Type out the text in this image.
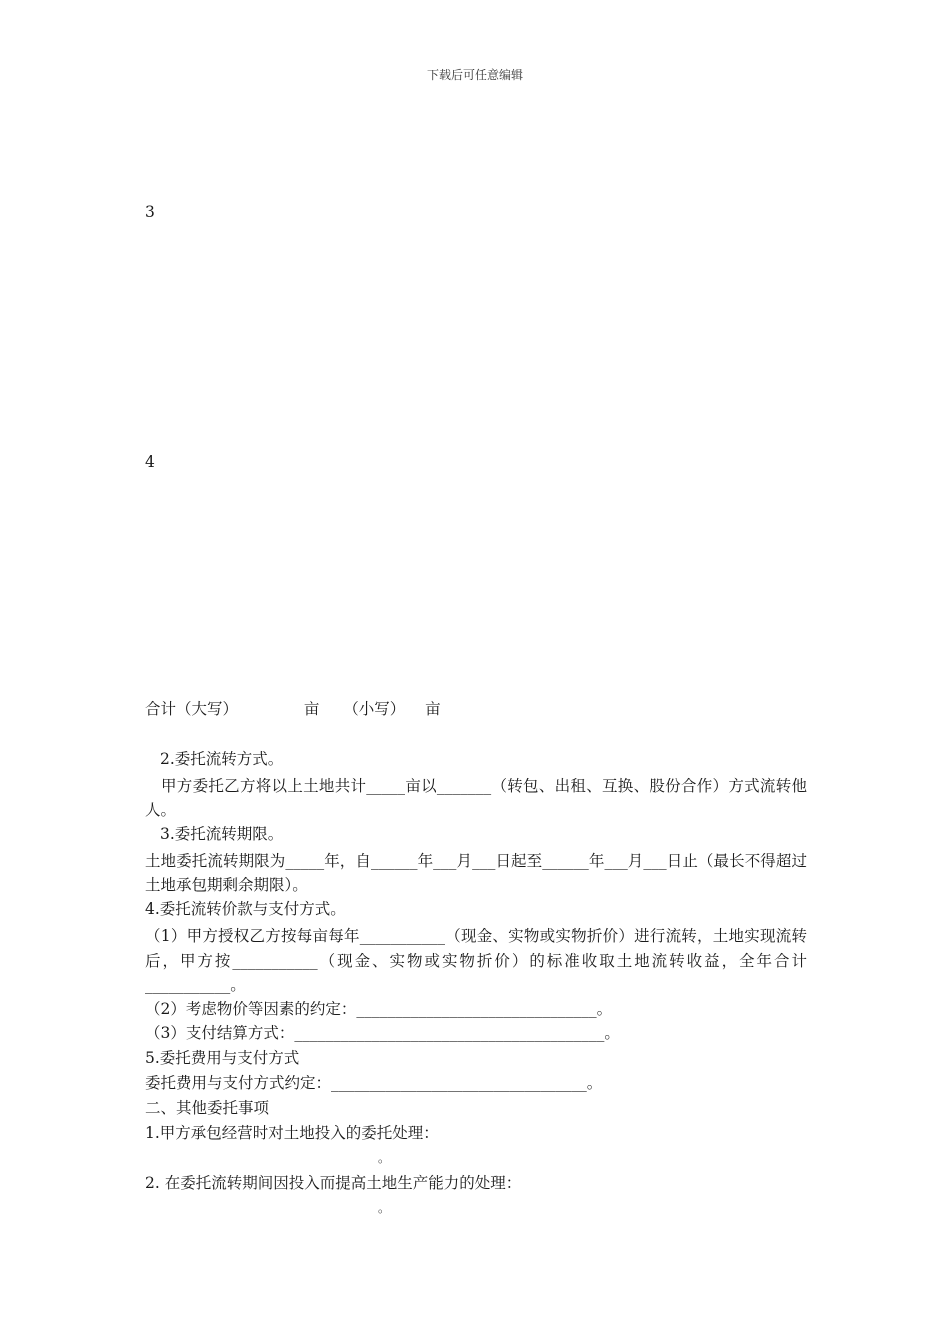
下载后可任意编辑
3
4
合计（大写）	亩 （小写） 亩
2.委托流转方式。
甲方委托乙方将以上土地共计_____亩以_______（转包、出租、互换、股份合作）方式流转他人。
3.委托流转期限。
土地委托流转期限为_____年，自______年___月___日起至______年___月___日止（最长不得超过土地承包期剩余期限）。
4.委托流转价款与支付方式。
（1）甲方授权乙方按每亩每年___________（现金、实物或实物折价）进行流转，土地实现流转后，甲方按___________（现金、实物或实物折价）的标准收取土地流转收益，全年合计___________。
（2）考虑物价等因素的约定：_______________________________。
（3）支付结算方式：________________________________________。
5.委托费用与支付方式
委托费用与支付方式约定：_________________________________。
二、其他委托事项
1.甲方承包经营时对土地投入的委托处理：
。
2. 在委托流转期间因投入而提高土地生产能力的处理：
。
